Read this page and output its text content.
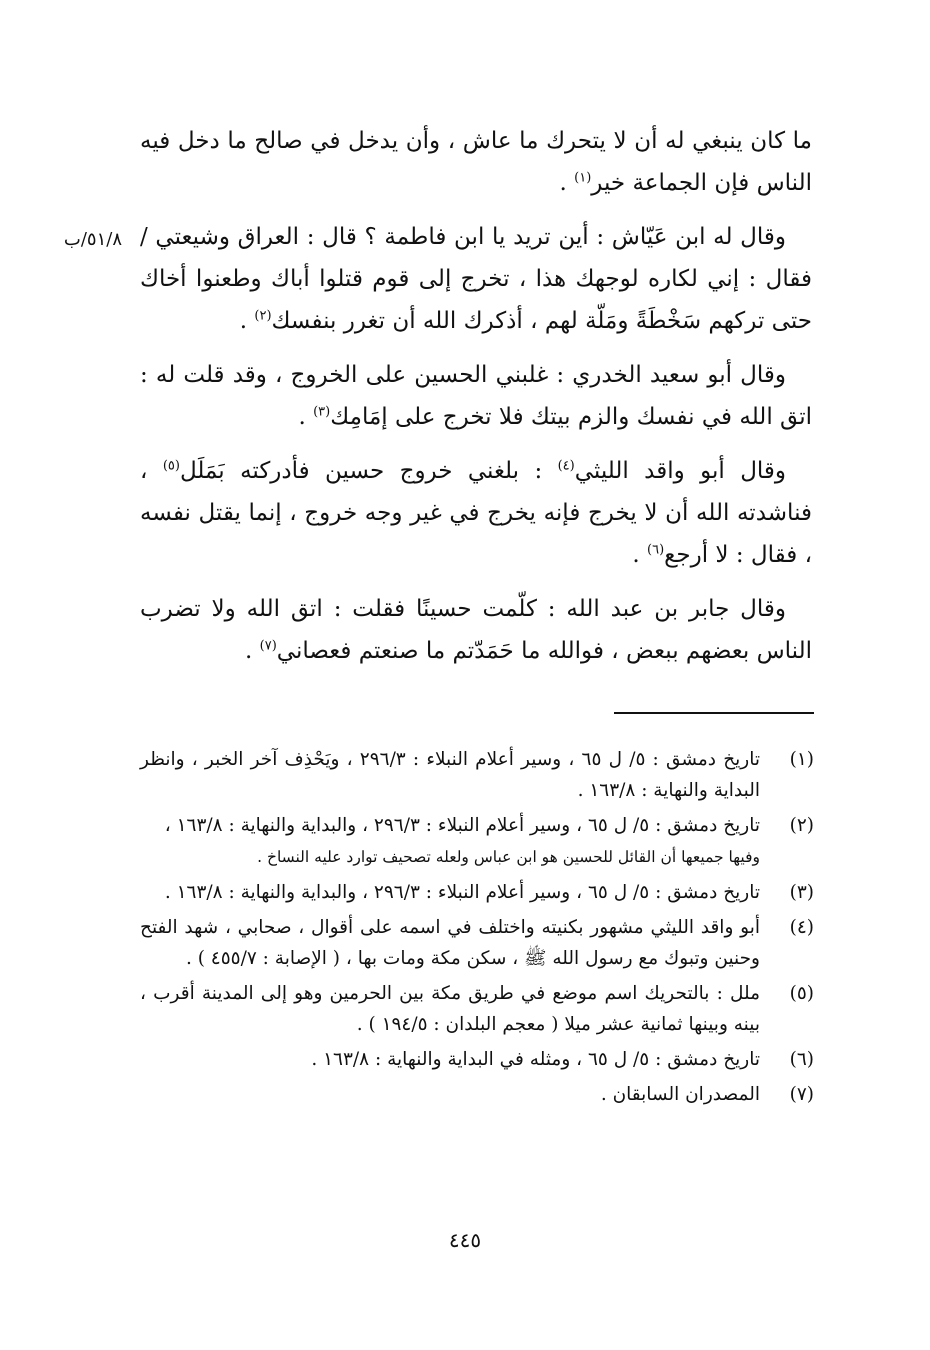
٥١/٨/ب

ما كان ينبغي له أن لا يتحرك ما عاش ، وأن يدخل في صالح ما دخل فيه الناس فإن الجماعة خير$^{(١)}$ .

وقال له ابن عَيّاش : أين تريد يا ابن فاطمة ؟ قال : العراق وشيعتي / فقال : إني لكاره لوجهك هذا ، تخرج إلى قوم قتلوا أباك وطعنوا أخاك حتى تركهم سَخْطَةً ومَلّة لهم ، أذكرك الله أن تغرر بنفسك$^{(٢)}$ .

وقال أبو سعيد الخدري : غلبني الحسين على الخروج ، وقد قلت له : اتق الله في نفسك والزم بيتك فلا تخرج على إمَامِك$^{(٣)}$ .

وقال أبو واقد الليثي$^{(٤)}$ : بلغني خروج حسين فأدركته بَمَلَل$^{(٥)}$ ، فناشدته الله أن لا يخرج فإنه يخرج في غير وجه خروج ، إنما يقتل نفسه ، فقال : لا أرجع$^{(٦)}$ .

وقال جابر بن عبد الله : كلّمت حسينًا فقلت : اتق الله ولا تضرب الناس بعضهم ببعض ، فوالله ما حَمَدّتم ما صنعتم فعصاني$^{(٧)}$ .

(١)
تاريخ دمشق : ٥/ ل ٦٥ ، وسير أعلام النبلاء : ٢٩٦/٣ ، ويَحْذِف آخر الخبر ، وانظر البداية والنهاية : ١٦٣/٨ .
(٢)
تاريخ دمشق : ٥/ ل ٦٥ ، وسير أعلام النبلاء : ٢٩٦/٣ ، والبداية والنهاية : ١٦٣/٨ ،
وفيها جميعها أن القائل للحسين هو ابن عباس ولعله تصحيف توارد عليه النساخ .
(٣)
تاريخ دمشق : ٥/ ل ٦٥ ، وسير أعلام النبلاء : ٢٩٦/٣ ، والبداية والنهاية : ١٦٣/٨ .
(٤)
أبو واقد الليثي مشهور بكنيته واختلف في اسمه على أقوال ، صحابي ، شهد الفتح وحنين وتبوك مع رسول الله ﷺ ، سكن مكة ومات بها ، ( الإصابة : ٤٥٥/٧ ) .
(٥)
ملل : بالتحريك اسم موضع في طريق مكة بين الحرمين وهو إلى المدينة أقرب ، بينه وبينها ثمانية عشر ميلا ( معجم البلدان : ١٩٤/٥ ) .
(٦)
تاريخ دمشق : ٥/ ل ٦٥ ، ومثله في البداية والنهاية : ١٦٣/٨ .
(٧)
المصدران السابقان .
٤٤٥
